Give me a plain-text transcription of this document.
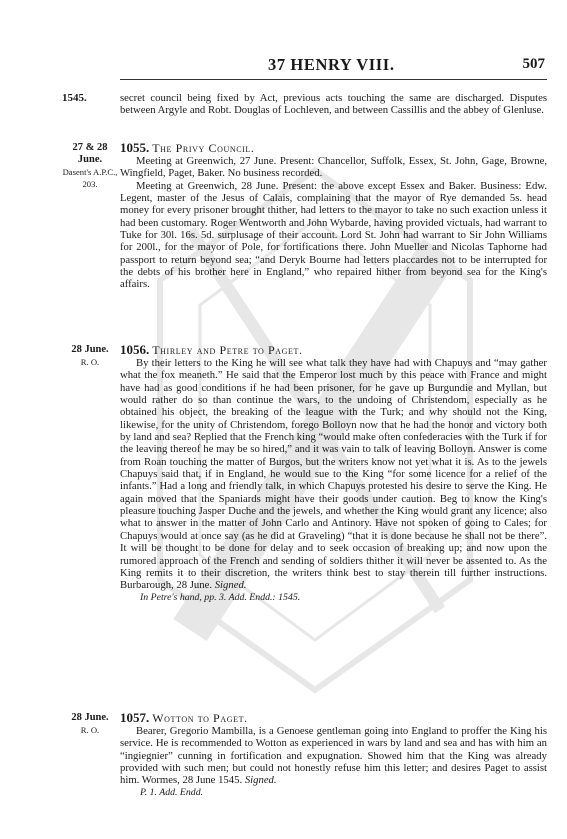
37 HENRY VIII.	507
1545.	secret council being fixed by Act, previous acts touching the same are discharged. Disputes between Argyle and Robt. Douglas of Lochleven, and between Cassillis and the abbey of Glenluse.

27 & 28 June.
Dasent's A.P.C., 203.

1055. The Privy Council.

Meeting at Greenwich, 27 June. Present: Chancellor, Suffolk, Essex, St. John, Gage, Browne, Wingfield, Paget, Baker. No business recorded.

Meeting at Greenwich, 28 June. Present: the above except Essex and Baker. Business: Edw. Legent, master of the Jesus of Calais, complaining that the mayor of Rye demanded 5s. head money for every prisoner brought thither, had letters to the mayor to take no such exaction unless it had been customary. Roger Wentworth and John Wybarde, having provided victuals, had warrant to Tuke for 30l. 16s. 5d. surplusage of their account. Lord St. John had warrant to Sir John Williams for 200l., for the mayor of Pole, for fortifications there. John Mueller and Nicolas Taphorne had passport to return beyond sea; “and Deryk Bourne had letters placcardes not to be interrupted for the debts of his brother here in England,” who repaired hither from beyond sea for the King's affairs.

28 June.
R. O.

1056. Thirley and Petre to Paget.

By their letters to the King he will see what talk they have had with Chapuys and “may gather what the fox meaneth.” He said that the Emperor lost much by this peace with France and might have had as good conditions if he had been prisoner, for he gave up Burgundie and Myllan, but would rather do so than continue the wars, to the undoing of Christendom, especially as he obtained his object, the breaking of the league with the Turk; and why should not the King, likewise, for the unity of Christendom, forego Bolloyn now that he had the honor and victory both by land and sea? Replied that the French king “would make often confederacies with the Turk if for the leaving thereof he may be so hired,” and it was vain to talk of leaving Bolloyn. Answer is come from Roan touching the matter of Burgos, but the writers know not yet what it is. As to the jewels Chapuys said that, if in England, he would sue to the King “for some licence for a relief of the infants.” Had a long and friendly talk, in which Chapuys protested his desire to serve the King. He again moved that the Spaniards might have their goods under caution. Beg to know the King's pleasure touching Jasper Duche and the jewels, and whether the King would grant any licence; also what to answer in the matter of John Carlo and Antinory. Have not spoken of going to Cales; for Chapuys would at once say (as he did at Graveling) “that it is done because he shall not be there”. It will be thought to be done for delay and to seek occasion of breaking up; and now upon the rumored approach of the French and sending of soldiers thither it will never be assented to. As the King remits it to their discretion, the writers think best to stay therein till further instructions. Burbarough, 28 June. Signed.

In Petre's hand, pp. 3. Add. Endd.: 1545.

28 June.
R. O.

1057. Wotton to Paget.

Bearer, Gregorio Mambilla, is a Genoese gentleman going into England to proffer the King his service. He is recommended to Wotton as experienced in wars by land and sea and has with him an “ingiegnier” cunning in fortification and expugnation. Showed him that the King was already provided with such men; but could not honestly refuse him this letter; and desires Paget to assist him. Wormes, 28 June 1545. Signed.

P. 1. Add. Endd.
